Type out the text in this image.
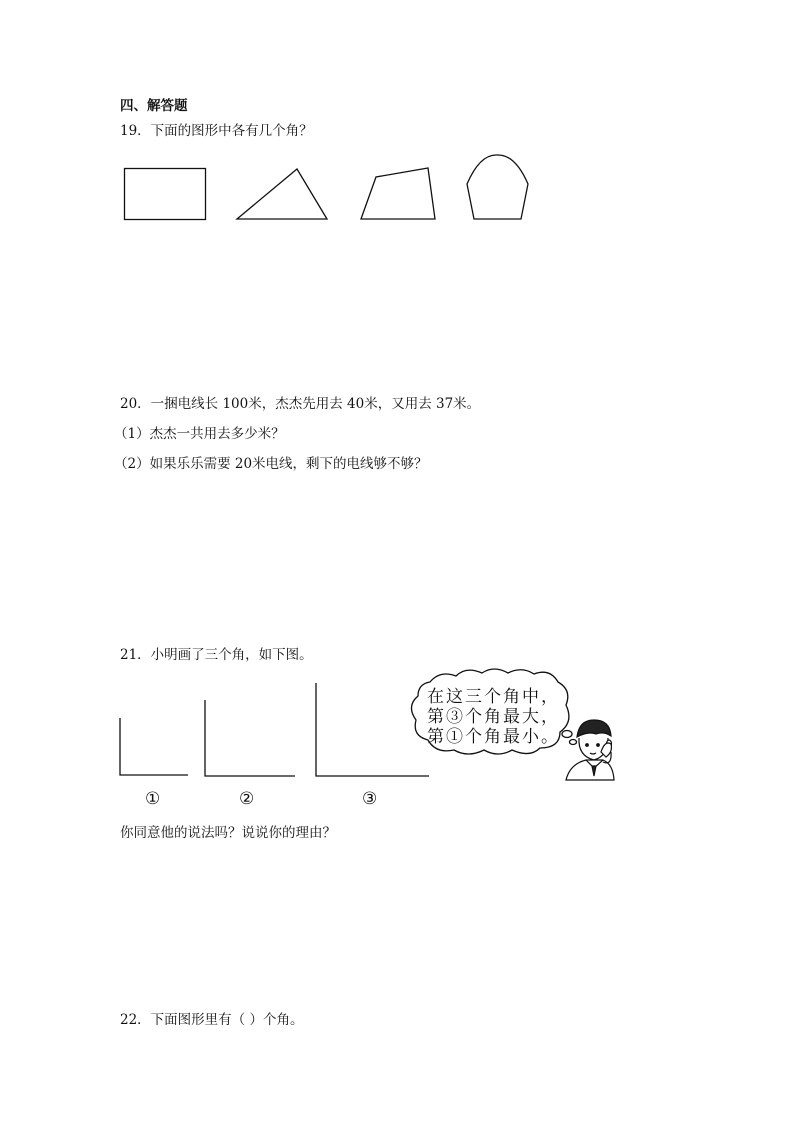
四、解答题
19．下面的图形中各有几个角？
20．一捆电线长 100米，杰杰先用去 40米，又用去 37米。
（1）杰杰一共用去多少米？
（2）如果乐乐需要 20米电线，剩下的电线够不够？
21．小明画了三个角，如下图。
在这三个角中，
第③个角最大，
第①个角最小。
①	②	③
你同意他的说法吗？说说你的理由？
22．下面图形里有（ ）个角。
